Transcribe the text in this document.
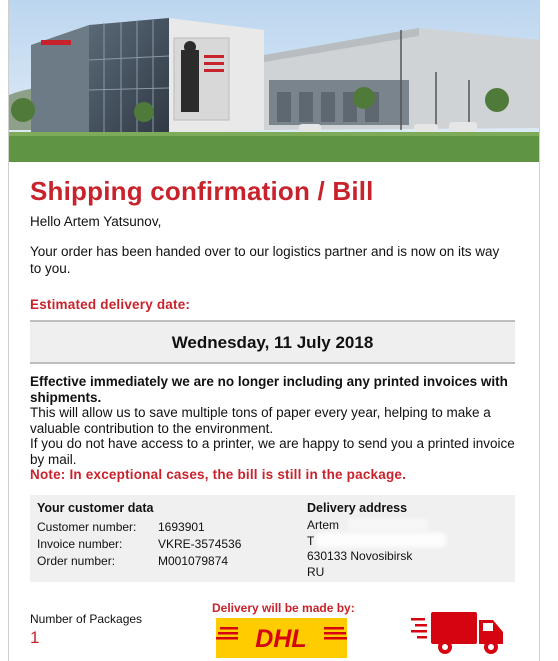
Shipping confirmation / Bill
Hello Artem Yatsunov,
Your order has been handed over to our logistics partner and is now on its way to you.
Estimated delivery date:
Wednesday, 11 July 2018
Effective immediately we are no longer including any printed invoices with shipments.
This will allow us to save multiple tons of paper every year, helping to make a valuable contribution to the environment.
If you do not have access to a printer, we are happy to send you a printed invoice by mail.
Note: In exceptional cases, the bill is still in the package.
Your customer data
Customer number: 1693901
Invoice number:	VKRE-3574536
Order number:	M001079874
Delivery address
Artem
T
630133 Novosibirsk
RU
Number of Packages
1
Delivery will be made by:
DHL
